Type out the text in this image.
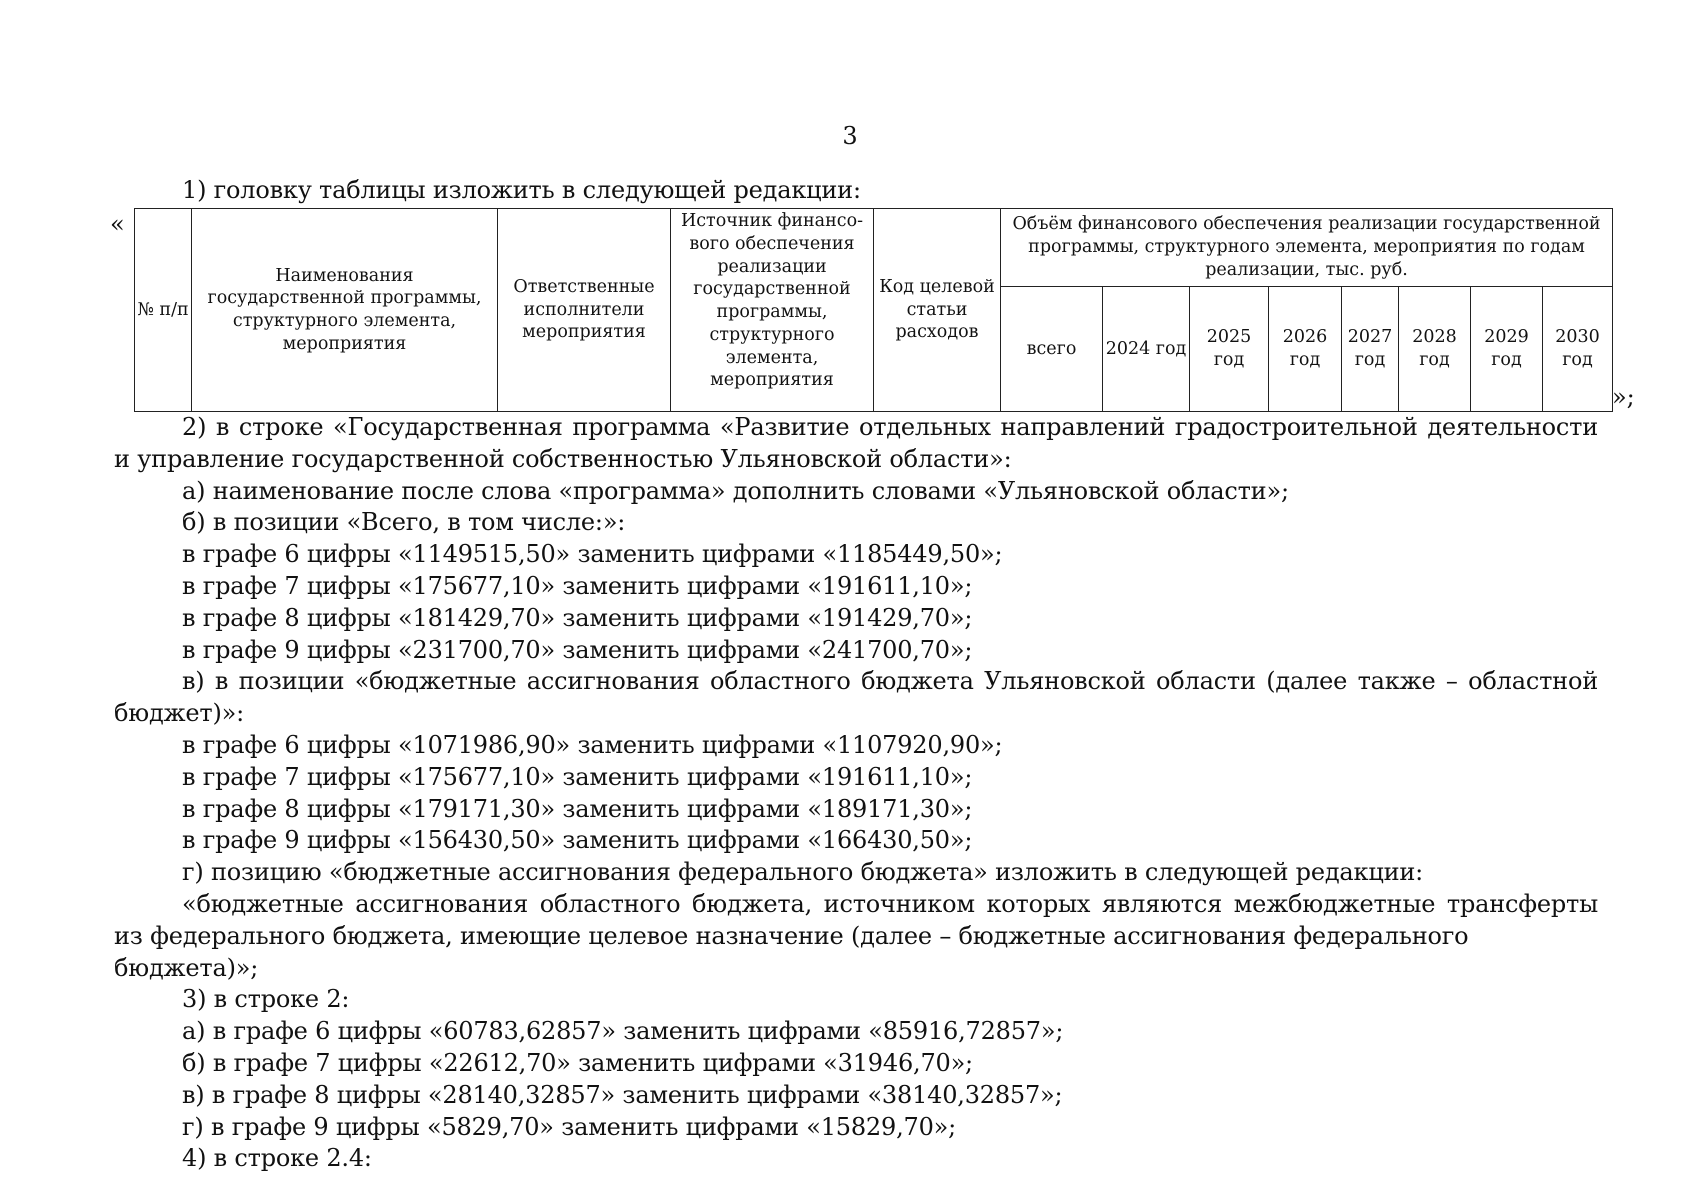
3
1) головку таблицы изложить в следующей редакции:
«
№ п/п	Наименования государственной программы, структурного элемента, мероприятия	Ответственные исполнители мероприятия	Источник финансо-вого обеспечения реализации государственной программы, структурного элемента, мероприятия	Код целевой статьи расходов	Объём финансового обеспечения реализации государственной программы, структурного элемента, мероприятия по годам реализации, тыс. руб.							
					всего	2024 год	2025 год	2026 год	2027 год	2028 год	2029 год	2030 год
»;

2) в строке «Государственная программа «Развитие отдельных направлений градостроительной деятельности

и управление государственной собственностью Ульяновской области»:

а) наименование после слова «программа» дополнить словами «Ульяновской области»;

б) в позиции «Всего, в том числе:»:

в графе 6 цифры «1149515,50» заменить цифрами «1185449,50»;

в графе 7 цифры «175677,10» заменить цифрами «191611,10»;

в графе 8 цифры «181429,70» заменить цифрами «191429,70»;

в графе 9 цифры «231700,70» заменить цифрами «241700,70»;

в) в позиции «бюджетные ассигнования областного бюджета Ульяновской области (далее также – областной

бюджет)»:

в графе 6 цифры «1071986,90» заменить цифрами «1107920,90»;

в графе 7 цифры «175677,10» заменить цифрами «191611,10»;

в графе 8 цифры «179171,30» заменить цифрами «189171,30»;

в графе 9 цифры «156430,50» заменить цифрами «166430,50»;

г) позицию «бюджетные ассигнования федерального бюджета» изложить в следующей редакции:

«бюджетные ассигнования областного бюджета, источником которых являются межбюджетные трансферты

из федерального бюджета, имеющие целевое назначение (далее – бюджетные ассигнования федерального бюджета)»;

3) в строке 2:

а) в графе 6 цифры «60783,62857» заменить цифрами «85916,72857»;

б) в графе 7 цифры «22612,70» заменить цифрами «31946,70»;

в) в графе 8 цифры «28140,32857» заменить цифрами «38140,32857»;

г) в графе 9 цифры «5829,70» заменить цифрами «15829,70»;

4) в строке 2.4:
